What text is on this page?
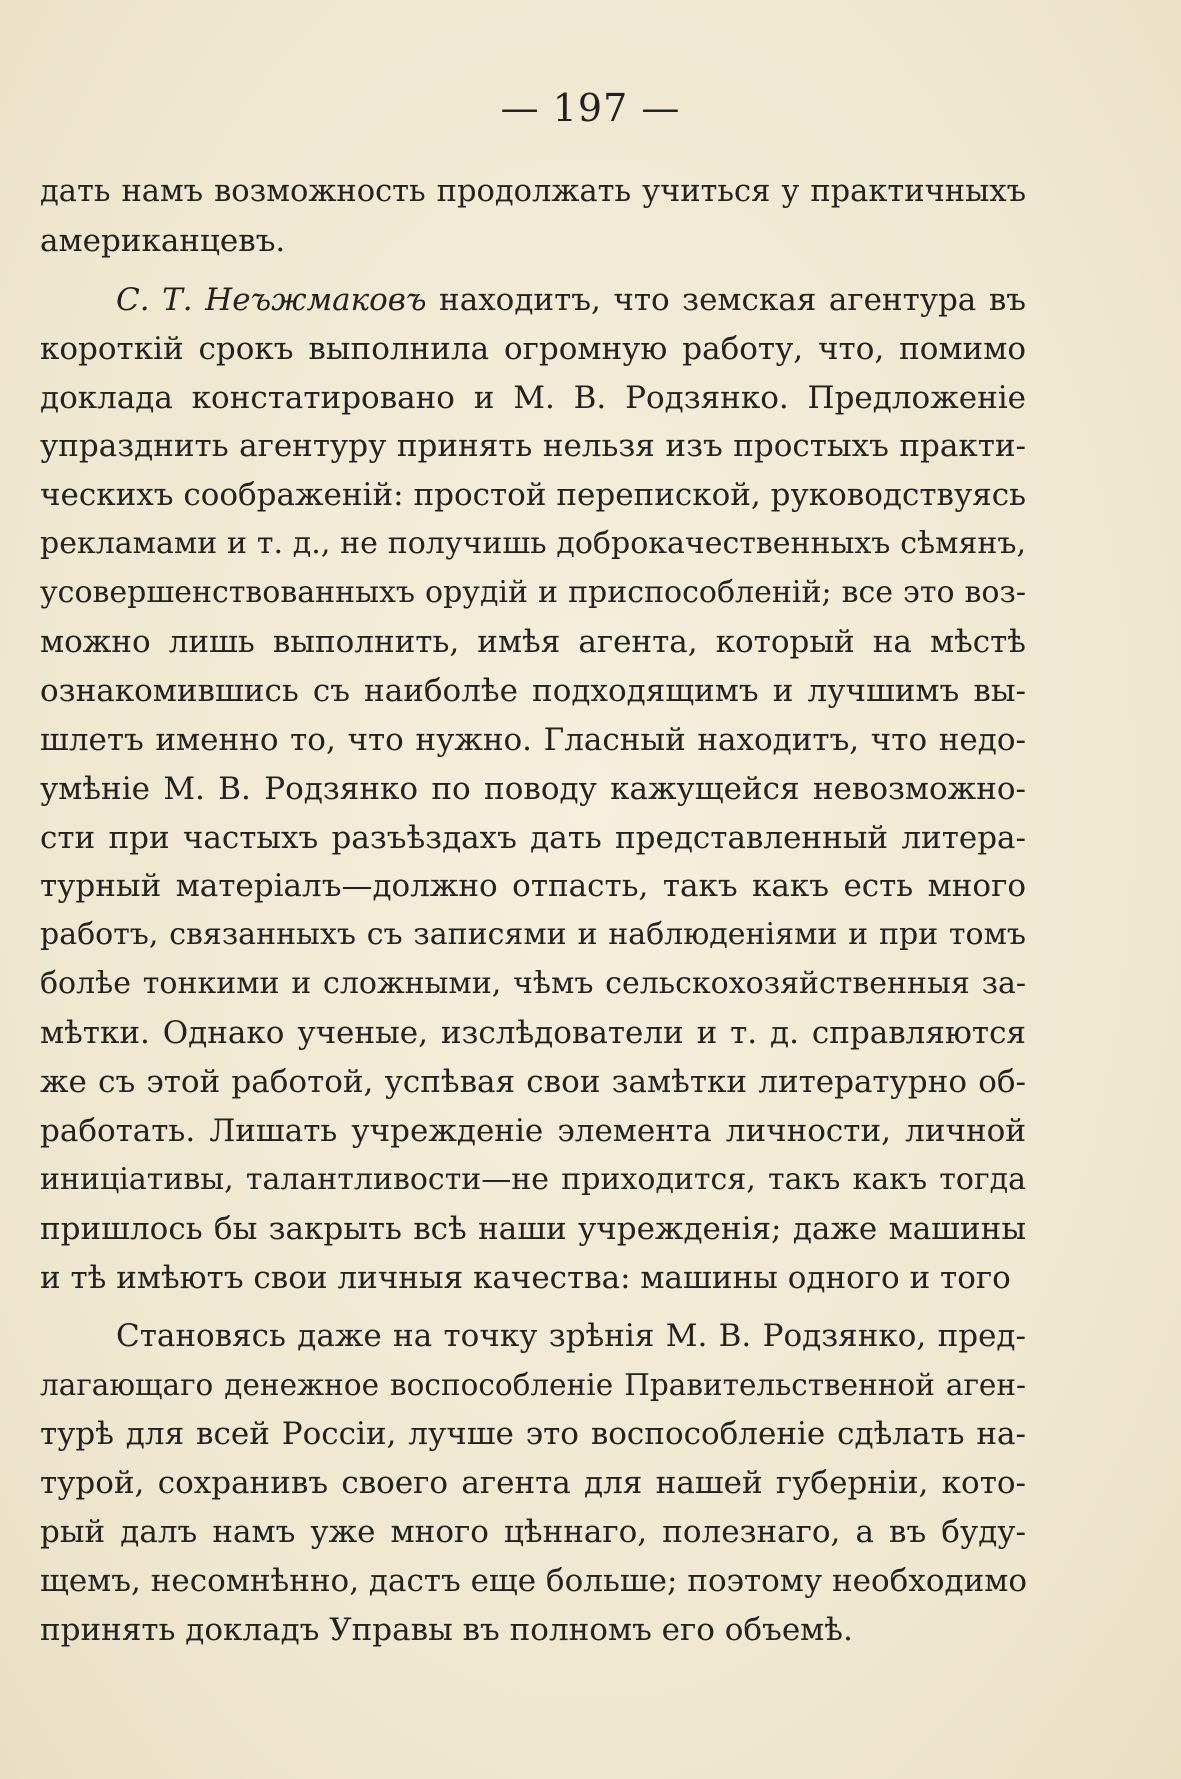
— 197 —
дать намъ возможность продолжать учиться у практичныхъ
американцевъ.
С. Т. Неъжмаковъ находитъ, что земская агентура въ
короткій срокъ выполнила огромную работу, что, помимо
доклада констатировано и М. В. Родзянко. Предложеніе
упразднить агентуру принять нельзя изъ простыхъ практи-
ческихъ соображеній: простой перепиской, руководствуясь
рекламами и т. д., не получишь доброкачественныхъ сѣмянъ,
усовершенствованныхъ орудій и приспособленій; все это воз-
можно лишь выполнить, имѣя агента, который на мѣстѣ
ознакомившись съ наиболѣе подходящимъ и лучшимъ вы-
шлетъ именно то, что нужно. Гласный находитъ, что недо-
умѣніе М. В. Родзянко по поводу кажущейся невозможно-
сти при частыхъ разъѣздахъ дать представленный литера-
турный матеріалъ—должно отпасть, такъ какъ есть много
работъ, связанныхъ съ записями и наблюденіями и при томъ
болѣе тонкими и сложными, чѣмъ сельскохозяйственныя за-
мѣтки. Однако ученые, изслѣдователи и т. д. справляются
же съ этой работой, успѣвая свои замѣтки литературно об-
работать. Лишать учрежденіе элемента личности, личной
иниціативы, талантливости—не приходится, такъ какъ тогда
пришлось бы закрыть всѣ наши учрежденія; даже машины
и тѣ имѣютъ свои личныя качества: машины одного и того
Становясь даже на точку зрѣнія М. В. Родзянко, пред-
лагающаго денежное воспособленіе Правительственной аген-
турѣ для всей Россіи, лучше это воспособленіе сдѣлать на-
турой, сохранивъ своего агента для нашей губерніи, кото-
рый далъ намъ уже много цѣннаго, полезнаго, а въ буду-
щемъ, несомнѣнно, дастъ еще больше; поэтому необходимо
принять докладъ Управы въ полномъ его объемѣ.
